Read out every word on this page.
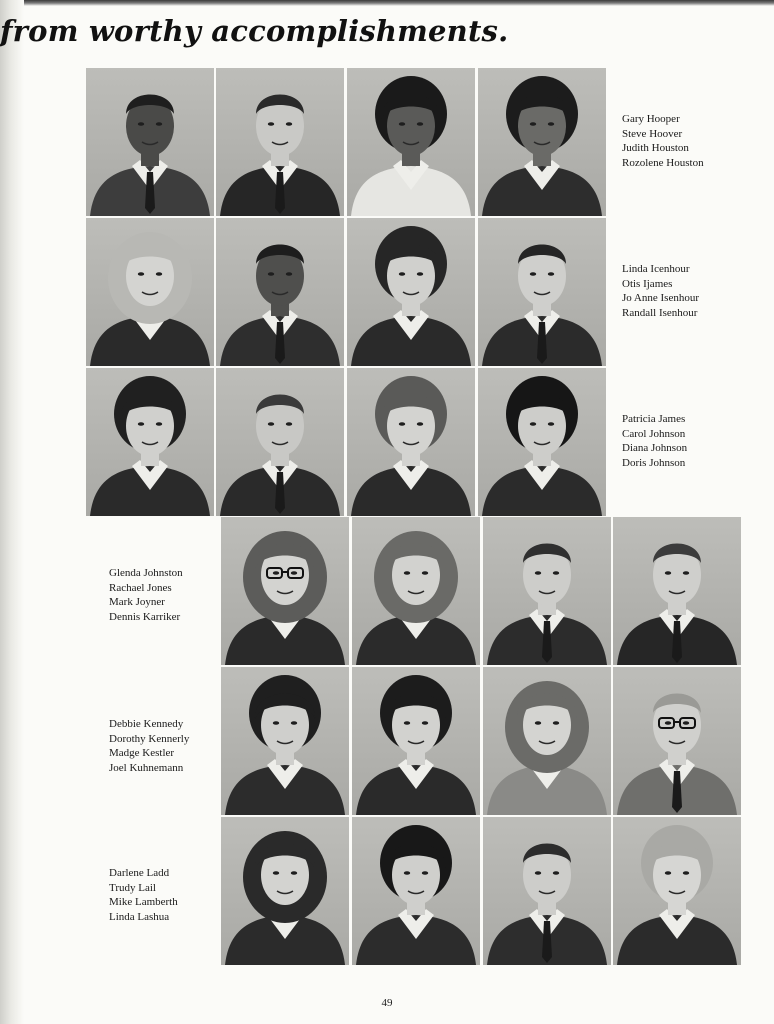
from worthy accomplishments.
Gary Hooper
Steve Hoover
Judith Houston
Rozolene Houston
Linda Icenhour
Otis Ijames
Jo Anne Isenhour
Randall Isenhour
Patricia James
Carol Johnson
Diana Johnson
Doris Johnson
Glenda Johnston
Rachael Jones
Mark Joyner
Dennis Karriker
Debbie Kennedy
Dorothy Kennerly
Madge Kestler
Joel Kuhnemann
Darlene Ladd
Trudy Lail
Mike Lamberth
Linda Lashua
49
